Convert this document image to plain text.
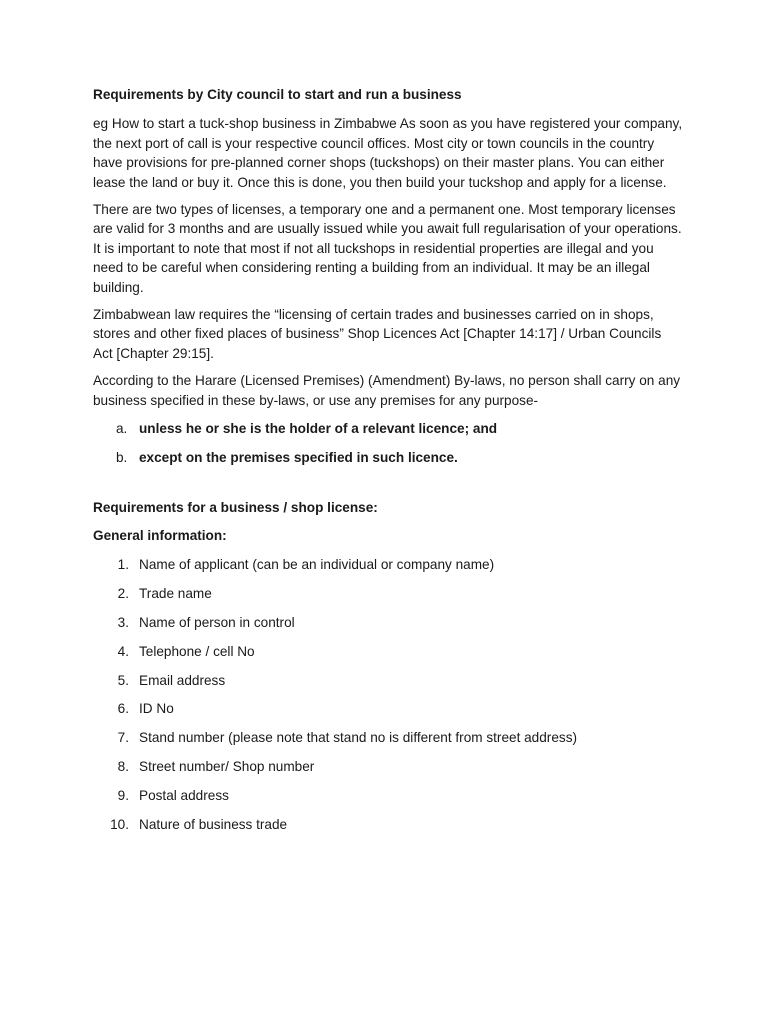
Requirements by City council to start and run a business

eg How to start a tuck-shop business in Zimbabwe As soon as you have registered your company, the next port of call is your respective council offices. Most city or town councils in the country have provisions for pre-planned corner shops (tuckshops) on their master plans. You can either lease the land or buy it. Once this is done, you then build your tuckshop and apply for a license.

There are two types of licenses, a temporary one and a permanent one. Most temporary licenses are valid for 3 months and are usually issued while you await full regularisation of your operations. It is important to note that most if not all tuckshops in residential properties are illegal and you need to be careful when considering renting a building from an individual. It may be an illegal building.

Zimbabwean law requires the “licensing of certain trades and businesses carried on in shops, stores and other fixed places of business” Shop Licences Act [Chapter 14:17] / Urban Councils Act [Chapter 29:15].

According to the Harare (Licensed Premises) (Amendment) By-laws, no person shall carry on any business specified in these by-laws, or use any premises for any purpose-

a. unless he or she is the holder of a relevant licence; and
b. except on the premises specified in such licence.

Requirements for a business / shop license:

General information:

1. Name of applicant (can be an individual or company name)
2. Trade name
3. Name of person in control
4. Telephone / cell No
5. Email address
6. ID No
7. Stand number (please note that stand no is different from street address)
8. Street number/ Shop number
9. Postal address
10. Nature of business trade
